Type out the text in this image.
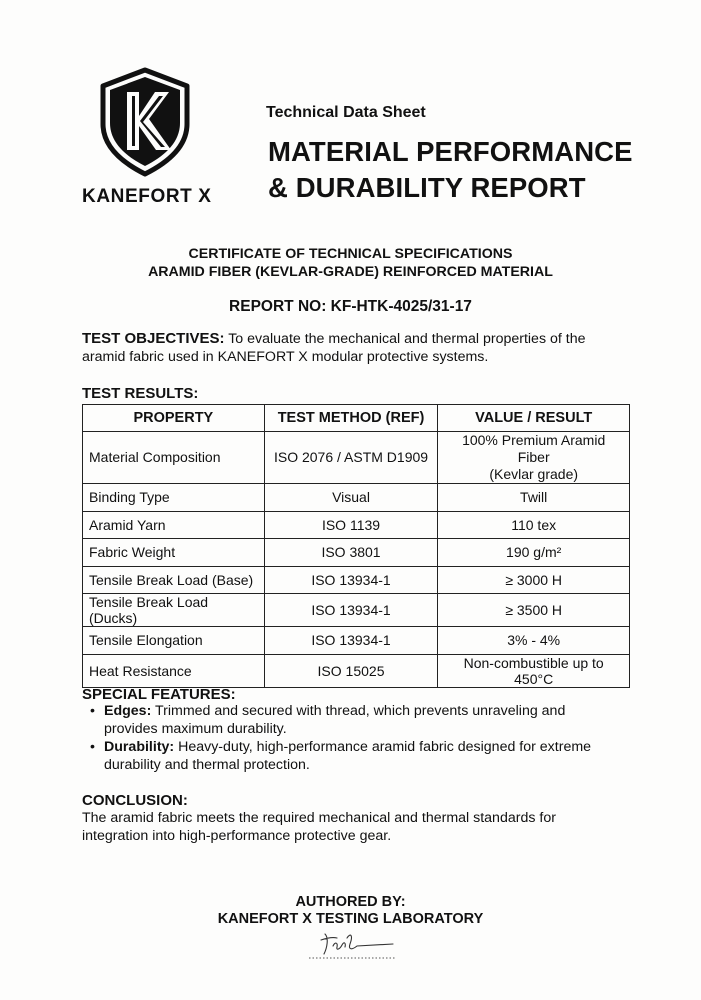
KANEFORT X
Technical Data Sheet
MATERIAL PERFORMANCE
& DURABILITY REPORT
CERTIFICATE OF TECHNICAL SPECIFICATIONS
ARAMID FIBER (KEVLAR-GRADE) REINFORCED MATERIAL
REPORT NO: KF-HTK-4025/31-17
TEST OBJECTIVES: To evaluate the mechanical and thermal properties of the aramid fabric used in KANEFORT X modular protective systems.
TEST RESULTS:
PROPERTY	TEST METHOD (REF)	VALUE / RESULT
Material Composition	ISO 2076 / ASTM D1909	100% Premium Aramid Fiber
(Kevlar grade)

Binding Type	Visual	Twill
Aramid Yarn	ISO 1139	110 tex
Fabric Weight	ISO 3801	190 g/m²
Tensile Break Load (Base)	ISO 13934-1	≥ 3000 H
Tensile Break Load (Ducks)	ISO 13934-1	≥ 3500 H
Tensile Elongation	ISO 13934-1	3% - 4%
Heat Resistance	ISO 15025	Non-combustible up to 450°C
SPECIAL FEATURES:
• Edges: Trimmed and secured with thread, which prevents unraveling and provides maximum durability.
• Durability: Heavy-duty, high-performance aramid fabric designed for extreme durability and thermal protection.
CONCLUSION:
The aramid fabric meets the required mechanical and thermal standards for integration into high-performance protective gear.
AUTHORED BY:
KANEFORT X TESTING LABORATORY
